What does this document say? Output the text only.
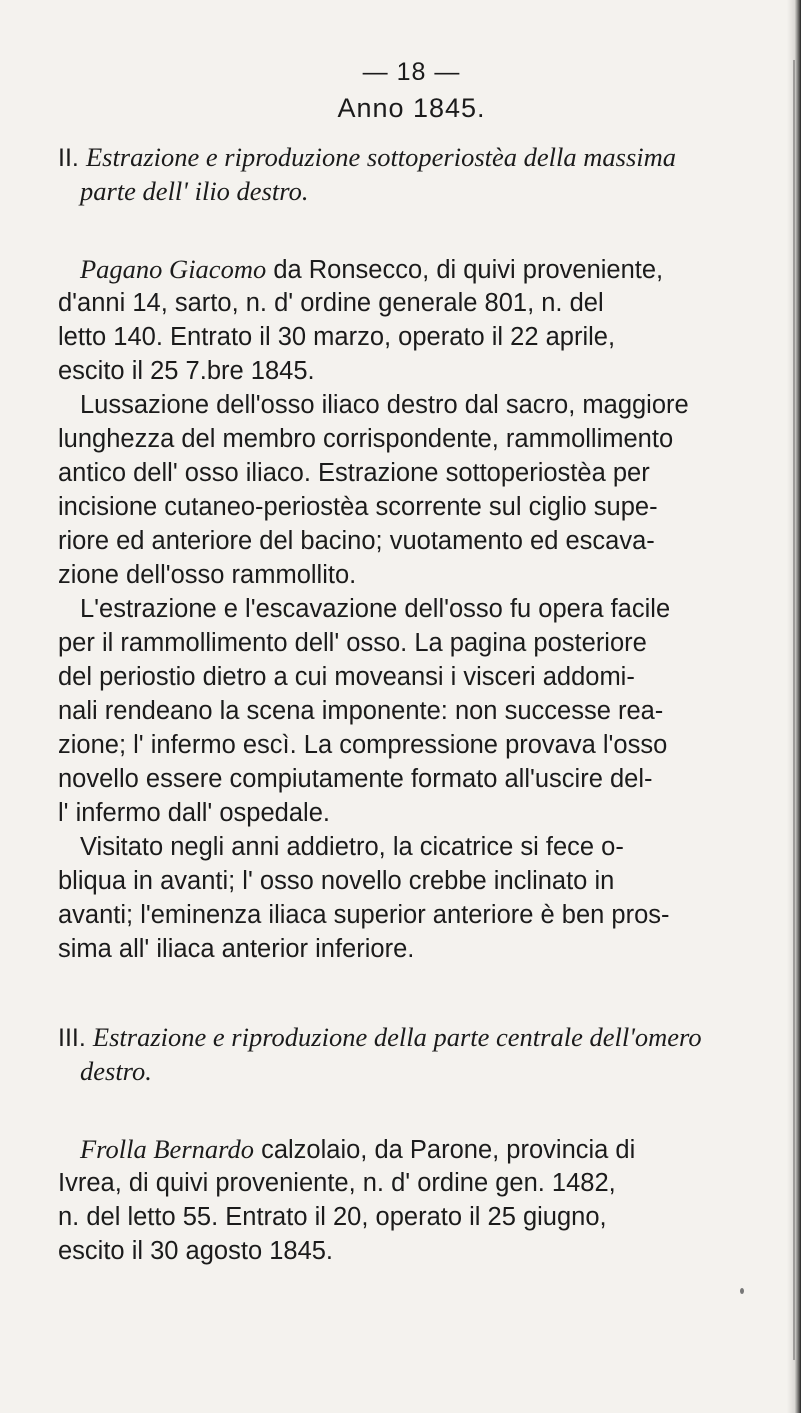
— 18 —
Anno 1845.
II. Estrazione e riproduzione sottoperiostèa della massima
parte dell' ilio destro.
Pagano Giacomo da Ronsecco, di quivi proveniente,
d'anni 14, sarto, n. d' ordine generale 801, n. del
letto 140. Entrato il 30 marzo, operato il 22 aprile,
escito il 25 7.bre 1845.
Lussazione dell'osso iliaco destro dal sacro, maggiore
lunghezza del membro corrispondente, rammollimento
antico dell' osso iliaco. Estrazione sottoperiostèa per
incisione cutaneo-periostèa scorrente sul ciglio supe-
riore ed anteriore del bacino; vuotamento ed escava-
zione dell'osso rammollito.
L'estrazione e l'escavazione dell'osso fu opera facile
per il rammollimento dell' osso. La pagina posteriore
del periostio dietro a cui moveansi i visceri addomi-
nali rendeano la scena imponente: non successe rea-
zione; l' infermo escì. La compressione provava l'osso
novello essere compiutamente formato all'uscire del-
l' infermo dall' ospedale.
Visitato negli anni addietro, la cicatrice si fece o-
bliqua in avanti; l' osso novello crebbe inclinato in
avanti; l'eminenza iliaca superior anteriore è ben pros-
sima all' iliaca anterior inferiore.
III. Estrazione e riproduzione della parte centrale dell'omero
destro.
Frolla Bernardo calzolaio, da Parone, provincia di
Ivrea, di quivi proveniente, n. d' ordine gen. 1482,
n. del letto 55. Entrato il 20, operato il 25 giugno,
escito il 30 agosto 1845.
